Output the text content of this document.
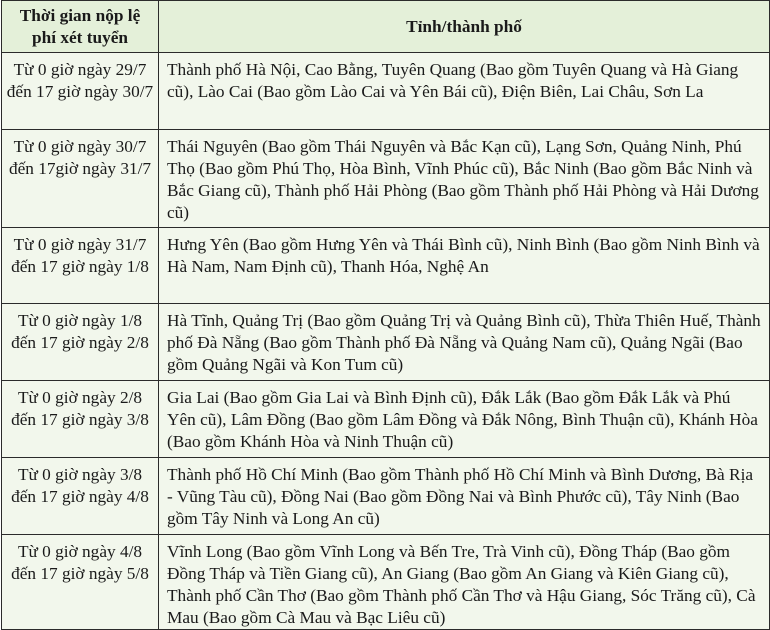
Thời gian nộp lệ phí xét tuyển	Tỉnh/thành phố
Từ 0 giờ ngày 29/7 đến 17 giờ ngày 30/7	Thành phố Hà Nội, Cao Bằng, Tuyên Quang (Bao gồm Tuyên Quang và Hà Giang cũ), Lào Cai (Bao gồm Lào Cai và Yên Bái cũ), Điện Biên, Lai Châu, Sơn La
Từ 0 giờ ngày 30/7 đến 17giờ ngày 31/7	Thái Nguyên (Bao gồm Thái Nguyên và Bắc Kạn cũ), Lạng Sơn, Quảng Ninh, Phú Thọ (Bao gồm Phú Thọ, Hòa Bình, Vĩnh Phúc cũ), Bắc Ninh (Bao gồm Bắc Ninh và Bắc Giang cũ), Thành phố Hải Phòng (Bao gồm Thành phố Hải Phòng và Hải Dương cũ)
Từ 0 giờ ngày 31/7 đến 17 giờ ngày 1/8	Hưng Yên (Bao gồm Hưng Yên và Thái Bình cũ), Ninh Bình (Bao gồm Ninh Bình và Hà Nam, Nam Định cũ), Thanh Hóa, Nghệ An
Từ 0 giờ ngày 1/8 đến 17 giờ ngày 2/8	Hà Tĩnh, Quảng Trị (Bao gồm Quảng Trị và Quảng Bình cũ), Thừa Thiên Huế, Thành phố Đà Nẵng (Bao gồm Thành phố Đà Nẵng và Quảng Nam cũ), Quảng Ngãi (Bao gồm Quảng Ngãi và Kon Tum cũ)
Từ 0 giờ ngày 2/8 đến 17 giờ ngày 3/8	Gia Lai (Bao gồm Gia Lai và Bình Định cũ), Đắk Lắk (Bao gồm Đắk Lắk và Phú Yên cũ), Lâm Đồng (Bao gồm Lâm Đồng và Đắk Nông, Bình Thuận cũ), Khánh Hòa (Bao gồm Khánh Hòa và Ninh Thuận cũ)
Từ 0 giờ ngày 3/8 đến 17 giờ ngày 4/8	Thành phố Hồ Chí Minh (Bao gồm Thành phố Hồ Chí Minh và Bình Dương, Bà Rịa - Vũng Tàu cũ), Đồng Nai (Bao gồm Đồng Nai và Bình Phước cũ), Tây Ninh (Bao gồm Tây Ninh và Long An cũ)
Từ 0 giờ ngày 4/8 đến 17 giờ ngày 5/8	Vĩnh Long (Bao gồm Vĩnh Long và Bến Tre, Trà Vinh cũ), Đồng Tháp (Bao gồm Đồng Tháp và Tiền Giang cũ), An Giang (Bao gồm An Giang và Kiên Giang cũ), Thành phố Cần Thơ (Bao gồm Thành phố Cần Thơ và Hậu Giang, Sóc Trăng cũ), Cà Mau (Bao gồm Cà Mau và Bạc Liêu cũ)
